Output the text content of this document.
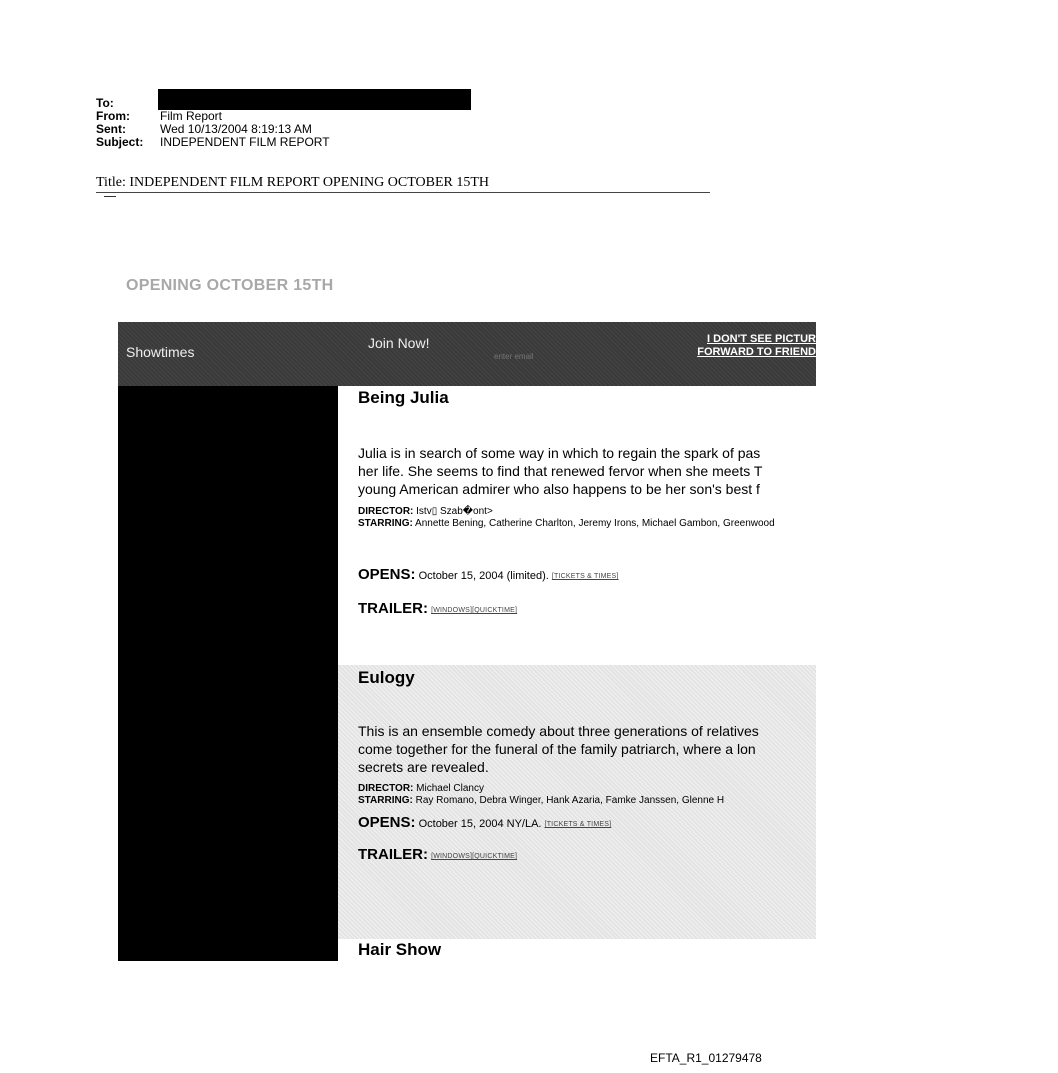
To:
From:	Film Report
Sent:	Wed 10/13/2004 8:19:13 AM
Subject:	INDEPENDENT FILM REPORT
Title: INDEPENDENT FILM REPORT OPENING OCTOBER 15TH
OPENING OCTOBER 15TH
Showtimes
Join Now!
enter email	I DON'T SEE PICTUR
FORWARD TO FRIEND
Being Julia
Julia is in search of some way in which to regain the spark of pas
her life. She seems to find that renewed fervor when she meets T
young American admirer who also happens to be her son's best f
DIRECTOR: Istv▯ Szab�ont>
STARRING: Annette Bening, Catherine Charlton, Jeremy Irons, Michael Gambon, Greenwood
OPENS: October 15, 2004 (limited). [TICKETS & TIMES]
TRAILER: [WINDOWS][QUICKTIME]
Eulogy
This is an ensemble comedy about three generations of relatives
come together for the funeral of the family patriarch, where a lon
secrets are revealed.
DIRECTOR: Michael Clancy
STARRING: Ray Romano, Debra Winger, Hank Azaria, Famke Janssen, Glenne H
OPENS: October 15, 2004 NY/LA. [TICKETS & TIMES]
TRAILER: [WINDOWS][QUICKTIME]
Hair Show
EFTA_R1_01279478
